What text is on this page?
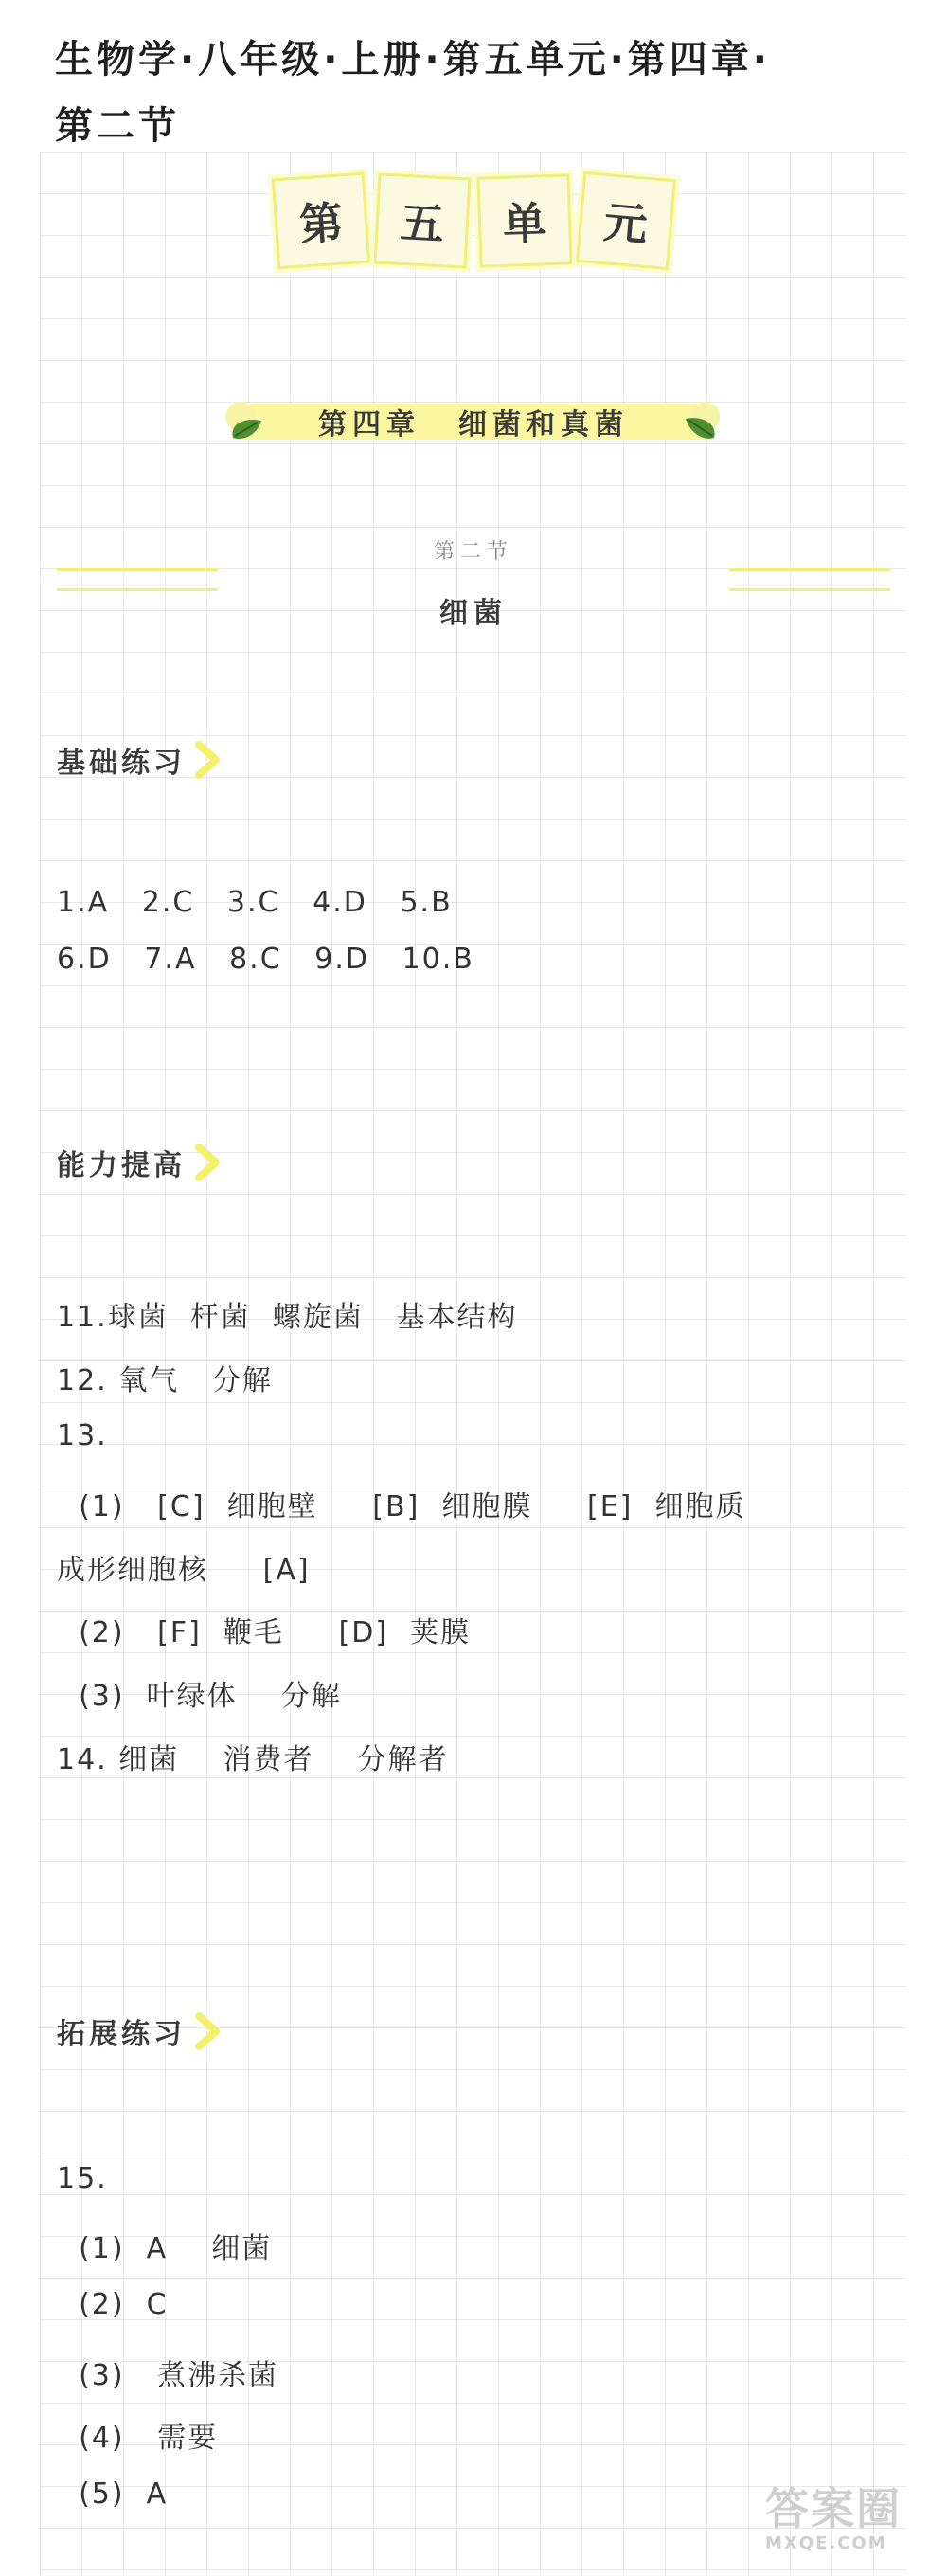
生物学·八年级·上册·第五单元·第四章·
第二节
第	五	单	元
第四章 细菌和真菌
第二节
细菌
基础练习
1.A   2.C   3.C   4.D   5.B
6.D   7.A   8.C   9.D   10.B
能力提高
11.球菌  杆菌  螺旋菌   基本结构
12. 氧气   分解
13.
(1)   [C]  细胞壁     [B]  细胞膜     [E]  细胞质
成形细胞核     [A]
(2)   [F]  鞭毛     [D]  荚膜
(3)  叶绿体    分解
14. 细菌    消费者    分解者
拓展练习
15.
(1)  A    细菌
(2)  C
(3)   煮沸杀菌
(4)   需要
(5)  A	答案圈
MXQE.COM
